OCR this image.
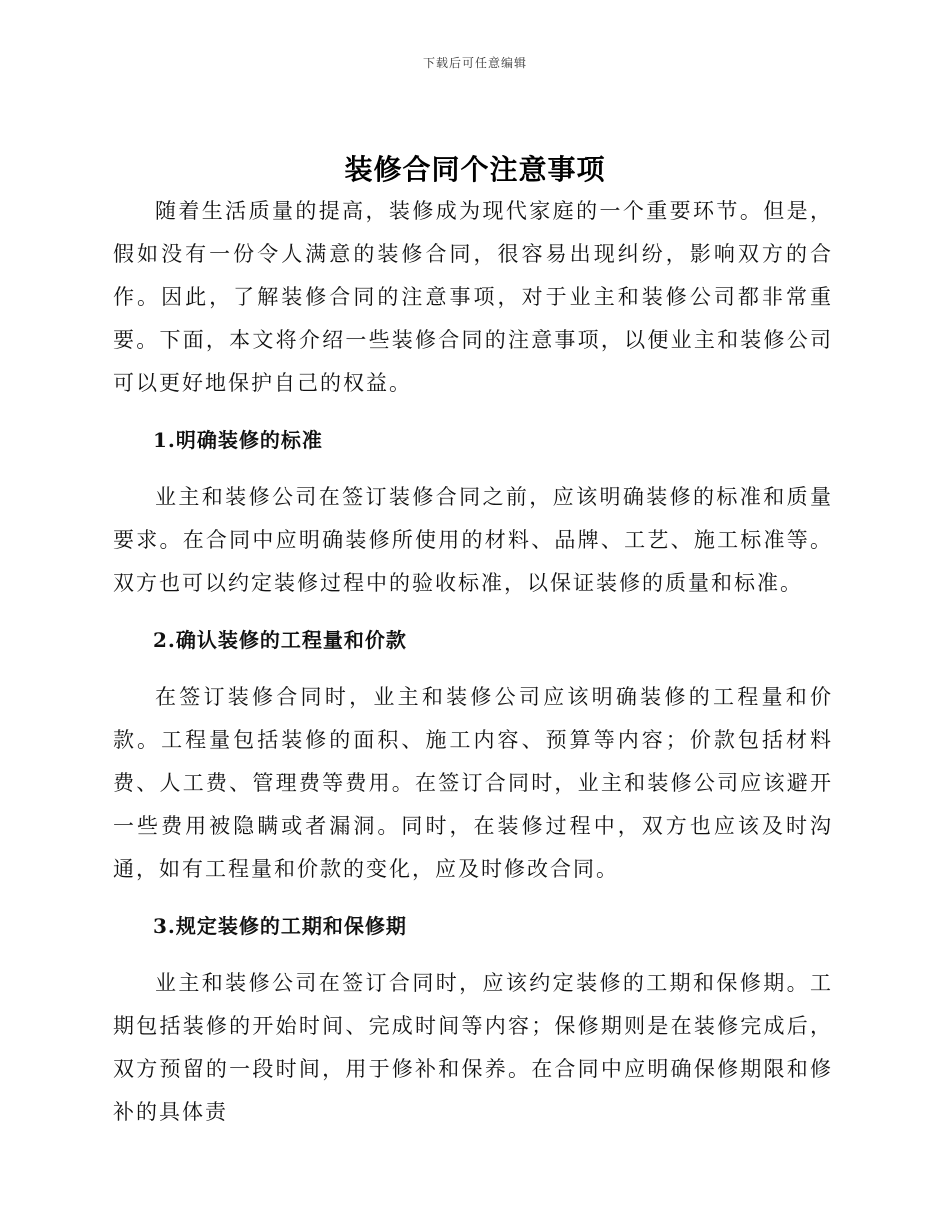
下载后可任意编辑
装修合同个注意事项

随着生活质量的提高，装修成为现代家庭的一个重要环节。但是，假如没有一份令人满意的装修合同，很容易出现纠纷，影响双方的合作。因此，了解装修合同的注意事项，对于业主和装修公司都非常重要。下面，本文将介绍一些装修合同的注意事项，以便业主和装修公司可以更好地保护自己的权益。

1.明确装修的标准

业主和装修公司在签订装修合同之前，应该明确装修的标准和质量要求。在合同中应明确装修所使用的材料、品牌、工艺、施工标准等。双方也可以约定装修过程中的验收标准，以保证装修的质量和标准。

2.确认装修的工程量和价款

在签订装修合同时，业主和装修公司应该明确装修的工程量和价款。工程量包括装修的面积、施工内容、预算等内容；价款包括材料费、人工费、管理费等费用。在签订合同时，业主和装修公司应该避开一些费用被隐瞒或者漏洞。同时，在装修过程中，双方也应该及时沟通，如有工程量和价款的变化，应及时修改合同。

3.规定装修的工期和保修期

业主和装修公司在签订合同时，应该约定装修的工期和保修期。工期包括装修的开始时间、完成时间等内容；保修期则是在装修完成后，双方预留的一段时间，用于修补和保养。在合同中应明确保修期限和修补的具体责
